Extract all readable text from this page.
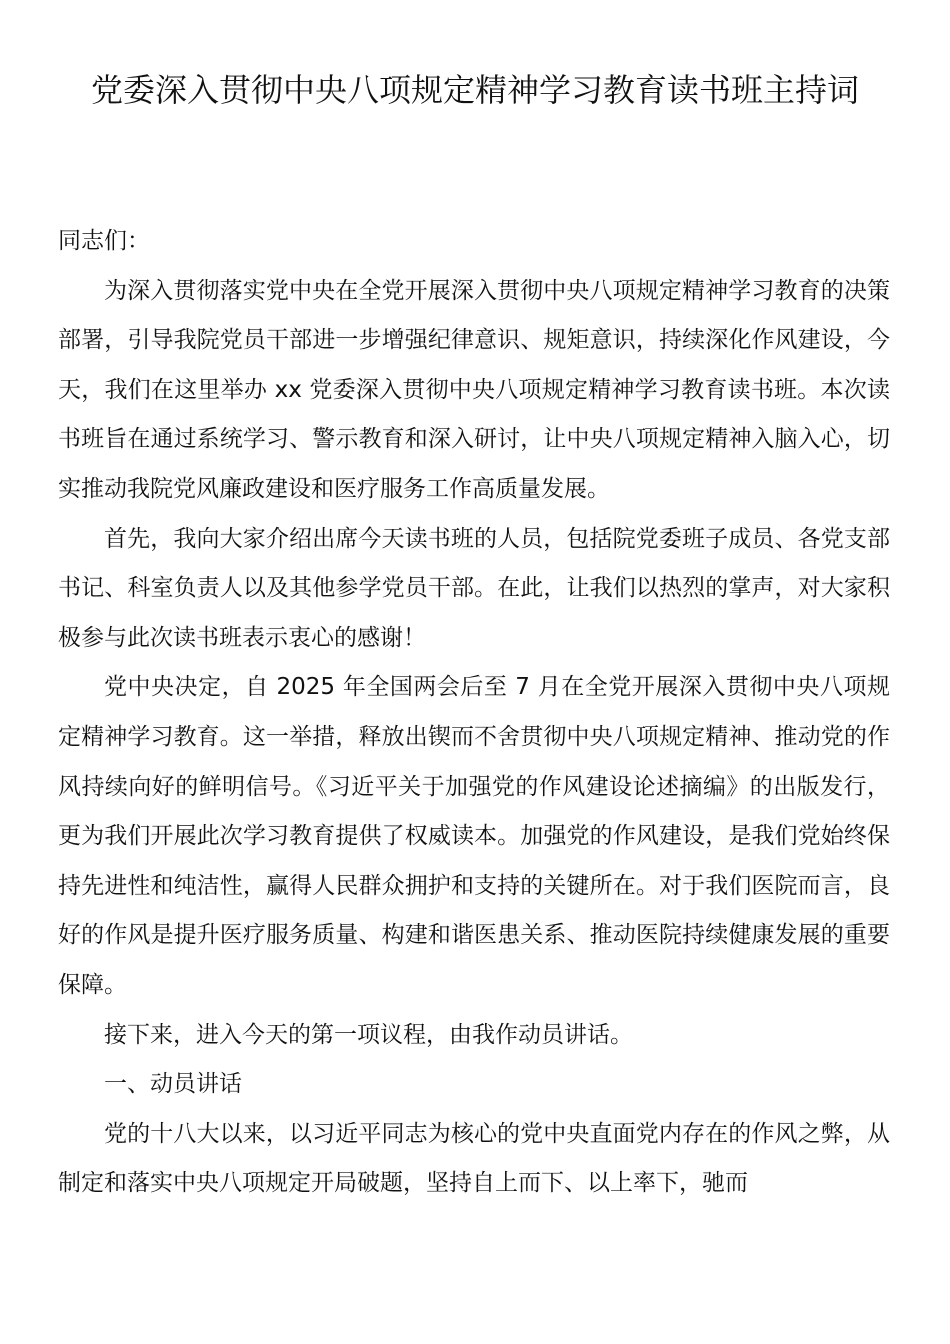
党委深入贯彻中央八项规定精神学习教育读书班主持词

同志们：

为深入贯彻落实党中央在全党开展深入贯彻中央八项规定精神学习教育的决策部署，引导我院党员干部进一步增强纪律意识、规矩意识，持续深化作风建设，今天，我们在这里举办 xx 党委深入贯彻中央八项规定精神学习教育读书班。本次读书班旨在通过系统学习、警示教育和深入研讨，让中央八项规定精神入脑入心，切实推动我院党风廉政建设和医疗服务工作高质量发展。

首先，我向大家介绍出席今天读书班的人员，包括院党委班子成员、各党支部书记、科室负责人以及其他参学党员干部。在此，让我们以热烈的掌声，对大家积极参与此次读书班表示衷心的感谢！

党中央决定，自 2025 年全国两会后至 7 月在全党开展深入贯彻中央八项规定精神学习教育。这一举措，释放出锲而不舍贯彻中央八项规定精神、推动党的作风持续向好的鲜明信号。《习近平关于加强党的作风建设论述摘编》的出版发行，更为我们开展此次学习教育提供了权威读本。加强党的作风建设，是我们党始终保持先进性和纯洁性，赢得人民群众拥护和支持的关键所在。对于我们医院而言，良好的作风是提升医疗服务质量、构建和谐医患关系、推动医院持续健康发展的重要保障。

接下来，进入今天的第一项议程，由我作动员讲话。

一、动员讲话

党的十八大以来，以习近平同志为核心的党中央直面党内存在的作风之弊，从制定和落实中央八项规定开局破题，坚持自上而下、以上率下，驰而
